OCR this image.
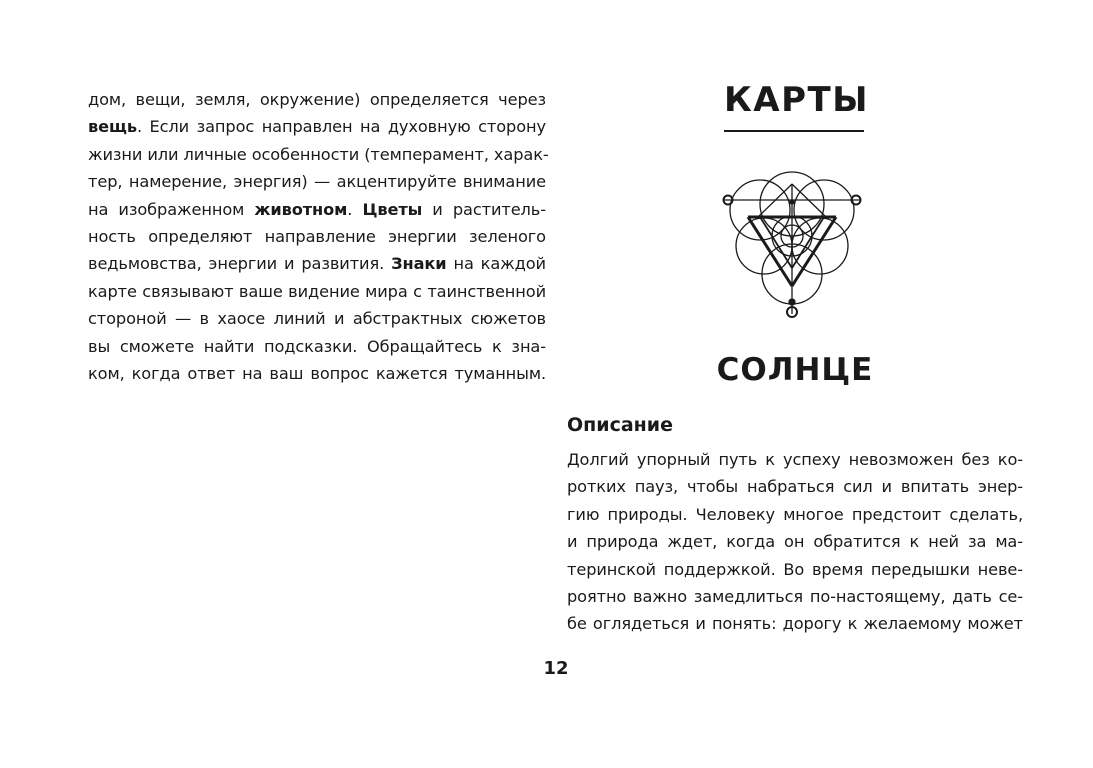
дом, вещи, земля, окружение) определяется через

вещь. Если запрос направлен на духовную сторону

жизни или личные особенности (темперамент, харак-

тер, намерение, энергия) — акцентируйте внимание

на изображенном животном. Цветы и раститель-

ность определяют направление энергии зеленого

ведьмовства, энергии и развития. Знаки на каждой

карте связывают ваше видение мира с таинственной

стороной — в хаосе линий и абстрактных сюжетов

вы сможете найти подсказки. Обращайтесь к зна-

ком, когда ответ на ваш вопрос кажется туманным.

КАРТЫ
СОЛНЦЕ
Описание

Долгий упорный путь к успеху невозможен без ко-

ротких пауз, чтобы набраться сил и впитать энер-

гию природы. Человеку многое предстоит сделать,

и природа ждет, когда он обратится к ней за ма-

теринской поддержкой. Во время передышки неве-

роятно важно замедлиться по-настоящему, дать се-

бе оглядеться и понять: дорогу к желаемому может

12
